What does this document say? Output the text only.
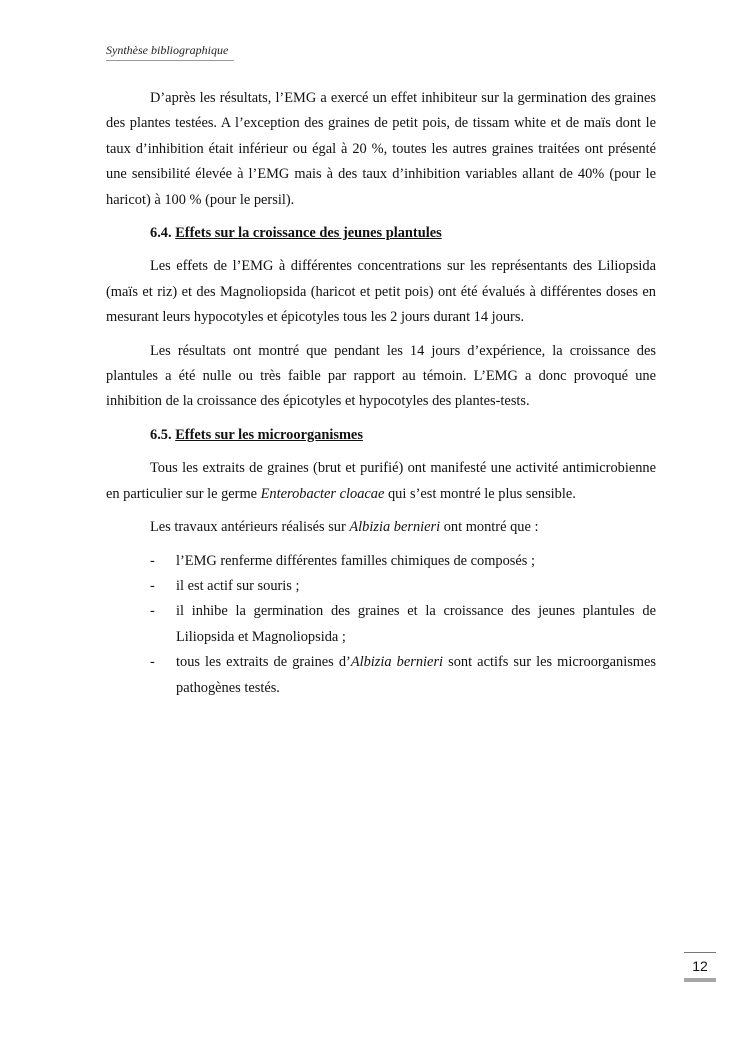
Synthèse bibliographique

D’après les résultats, l’EMG a exercé un effet inhibiteur sur la germination des graines des plantes testées. A l’exception des graines de petit pois, de tissam white et de maïs dont le taux d’inhibition était inférieur ou égal à 20 %, toutes les autres graines traitées ont présenté une sensibilité élevée à l’EMG mais à des taux d’inhibition variables allant de 40% (pour le haricot) à 100 % (pour le persil).

6.4. Effets sur la croissance des jeunes plantules

Les effets de l’EMG à différentes concentrations sur les représentants des Liliopsida (maïs et riz) et des Magnoliopsida (haricot et petit pois) ont été évalués à différentes doses en mesurant leurs hypocotyles et épicotyles tous les 2 jours durant 14 jours.

Les résultats ont montré que pendant les 14 jours d’expérience, la croissance des plantules a été nulle ou très faible par rapport au témoin. L’EMG a donc provoqué une inhibition de la croissance des épicotyles et hypocotyles des plantes-tests.

6.5. Effets sur les microorganismes

Tous les extraits de graines (brut et purifié) ont manifesté une activité antimicrobienne en particulier sur le germe Enterobacter cloacae qui s’est montré le plus sensible.

Les travaux antérieurs réalisés sur Albizia bernieri ont montré que :

- l’EMG renferme différentes familles chimiques de composés ;
- il est actif sur souris ;
- il inhibe la germination des graines et la croissance des jeunes plantules de Liliopsida et Magnoliopsida ;
- tous les extraits de graines d’Albizia bernieri sont actifs sur les microorganismes pathogènes testés.
12
